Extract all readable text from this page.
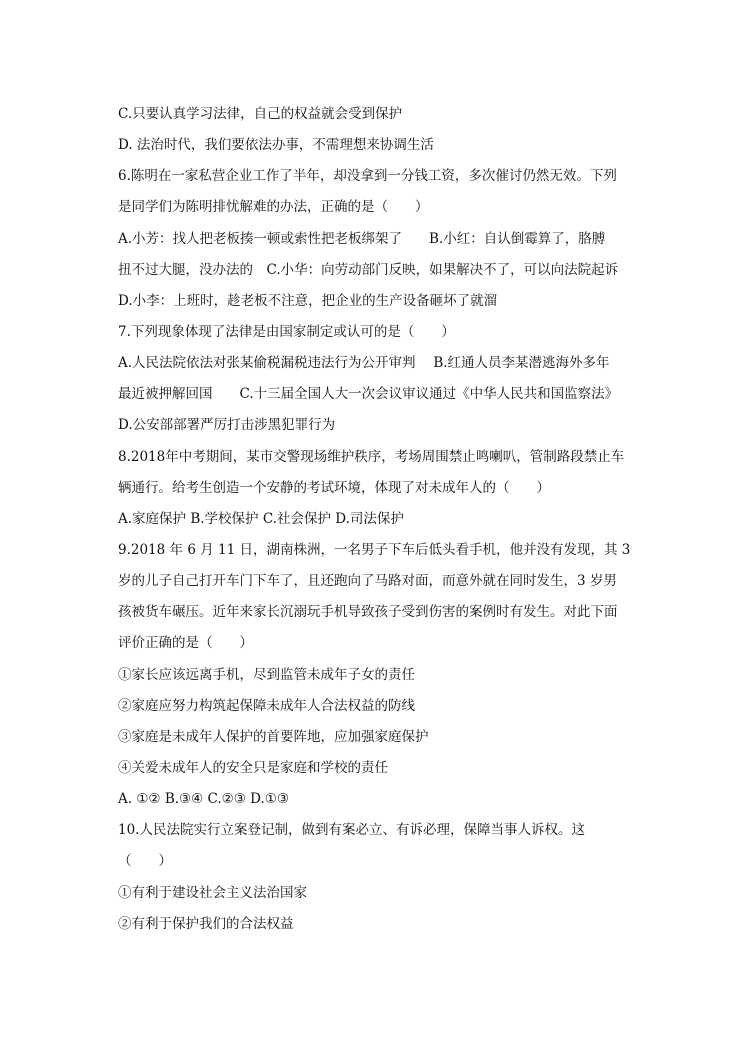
C.只要认真学习法律，自己的权益就会受到保护
D. 法治时代，我们要依法办事，不需理想来协调生活
6.陈明在一家私营企业工作了半年，却没拿到一分钱工资，多次催讨仍然无效。下列
是同学们为陈明排忧解难的办法，正确的是（　　）
A.小芳：找人把老板揍一顿或索性把老板绑架了　　B.小红：自认倒霉算了，胳膊
扭不过大腿，没办法的　C.小华：向劳动部门反映，如果解决不了，可以向法院起诉
D.小李：上班时，趁老板不注意，把企业的生产设备砸坏了就溜
7.下列现象体现了法律是由国家制定或认可的是（　　）
A.人民法院依法对张某偷税漏税违法行为公开审判　 B.红通人员李某潜逃海外多年
最近被押解回国　　C.十三届全国人大一次会议审议通过《中华人民共和国监察法》
D.公安部部署严厉打击涉黑犯罪行为
8.2018年中考期间，某市交警现场维护秩序，考场周围禁止鸣喇叭，管制路段禁止车
辆通行。给考生创造一个安静的考试环境，体现了对未成年人的（　　）
A.家庭保护 B.学校保护 C.社会保护 D.司法保护
9.2018 年 6 月 11 日，湖南株洲，一名男子下车后低头看手机，他并没有发现，其 3
岁的儿子自己打开车门下车了，且还跑向了马路对面，而意外就在同时发生，3 岁男
孩被货车碾压。近年来家长沉溺玩手机导致孩子受到伤害的案例时有发生。对此下面
评价正确的是（　　）
①家长应该远离手机，尽到监管未成年子女的责任
②家庭应努力构筑起保障未成年人合法权益的防线
③家庭是未成年人保护的首要阵地，应加强家庭保护
④关爱未成年人的安全只是家庭和学校的责任
A. ①② B.③④ C.②③ D.①③
10.人民法院实行立案登记制，做到有案必立、有诉必理，保障当事人诉权。这
（　　）
①有利于建设社会主义法治国家
②有利于保护我们的合法权益
